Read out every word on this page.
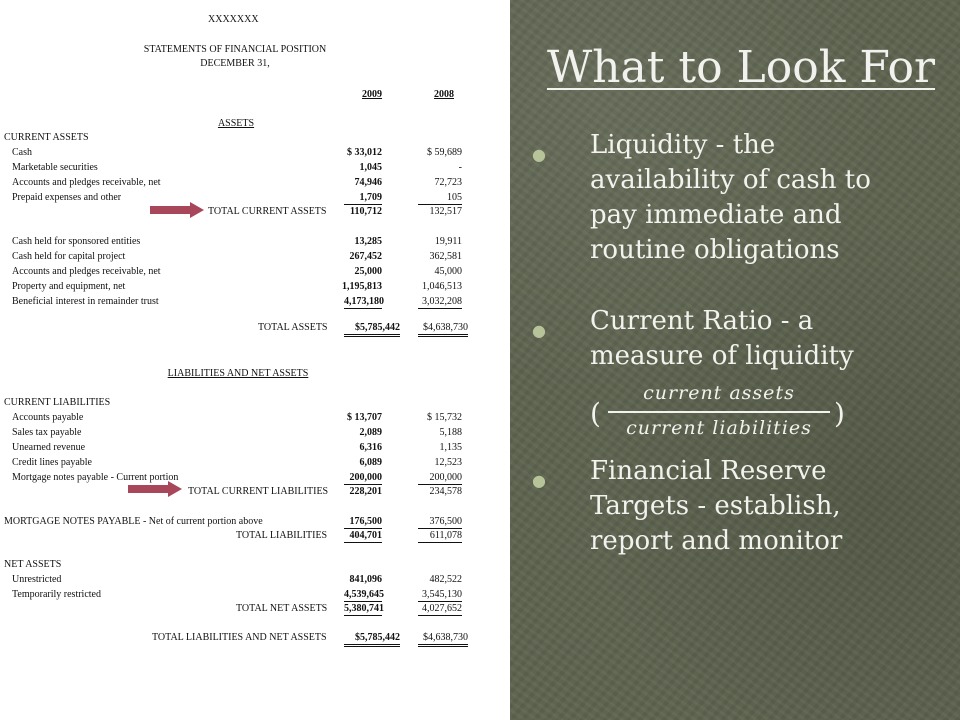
XXXXXXX
STATEMENTS OF FINANCIAL POSITION
DECEMBER 31,
2009	2008
ASSETS
CURRENT ASSETS
Cash	$ 33,012	$ 59,689
Marketable securities	1,045	-
Accounts and pledges receivable, net	74,946	72,723
Prepaid expenses and other	1,709	105
TOTAL CURRENT ASSETS	110,712	132,517
Cash held for sponsored entities	13,285	19,911
Cash held for capital project	267,452	362,581
Accounts and pledges receivable, net	25,000	45,000
Property and equipment, net	1,195,813	1,046,513
Beneficial interest in remainder trust	4,173,180	3,032,208
TOTAL ASSETS	$5,785,442	$4,638,730
LIABILITIES AND NET ASSETS
CURRENT LIABILITIES
Accounts payable	$ 13,707	$ 15,732
Sales tax payable	2,089	5,188
Unearned revenue	6,316	1,135
Credit lines payable	6,089	12,523
Mortgage notes payable - Current portion	200,000	200,000
TOTAL CURRENT LIABILITIES	228,201	234,578
MORTGAGE NOTES PAYABLE - Net of current portion above	176,500	376,500
TOTAL LIABILITIES	404,701	611,078
NET ASSETS
Unrestricted	841,096	482,522
Temporarily restricted	4,539,645	3,545,130
TOTAL NET ASSETS 5,380,741	4,027,652
TOTAL LIABILITIES AND NET ASSETS	$5,785,442	$4,638,730
What to Look For
● Liquidity - the availability of cash to pay immediate and routine obligations
● Current Ratio - a measure of liquidity
(
current assets
current liabilities )
● Financial Reserve Targets - establish, report and monitor
